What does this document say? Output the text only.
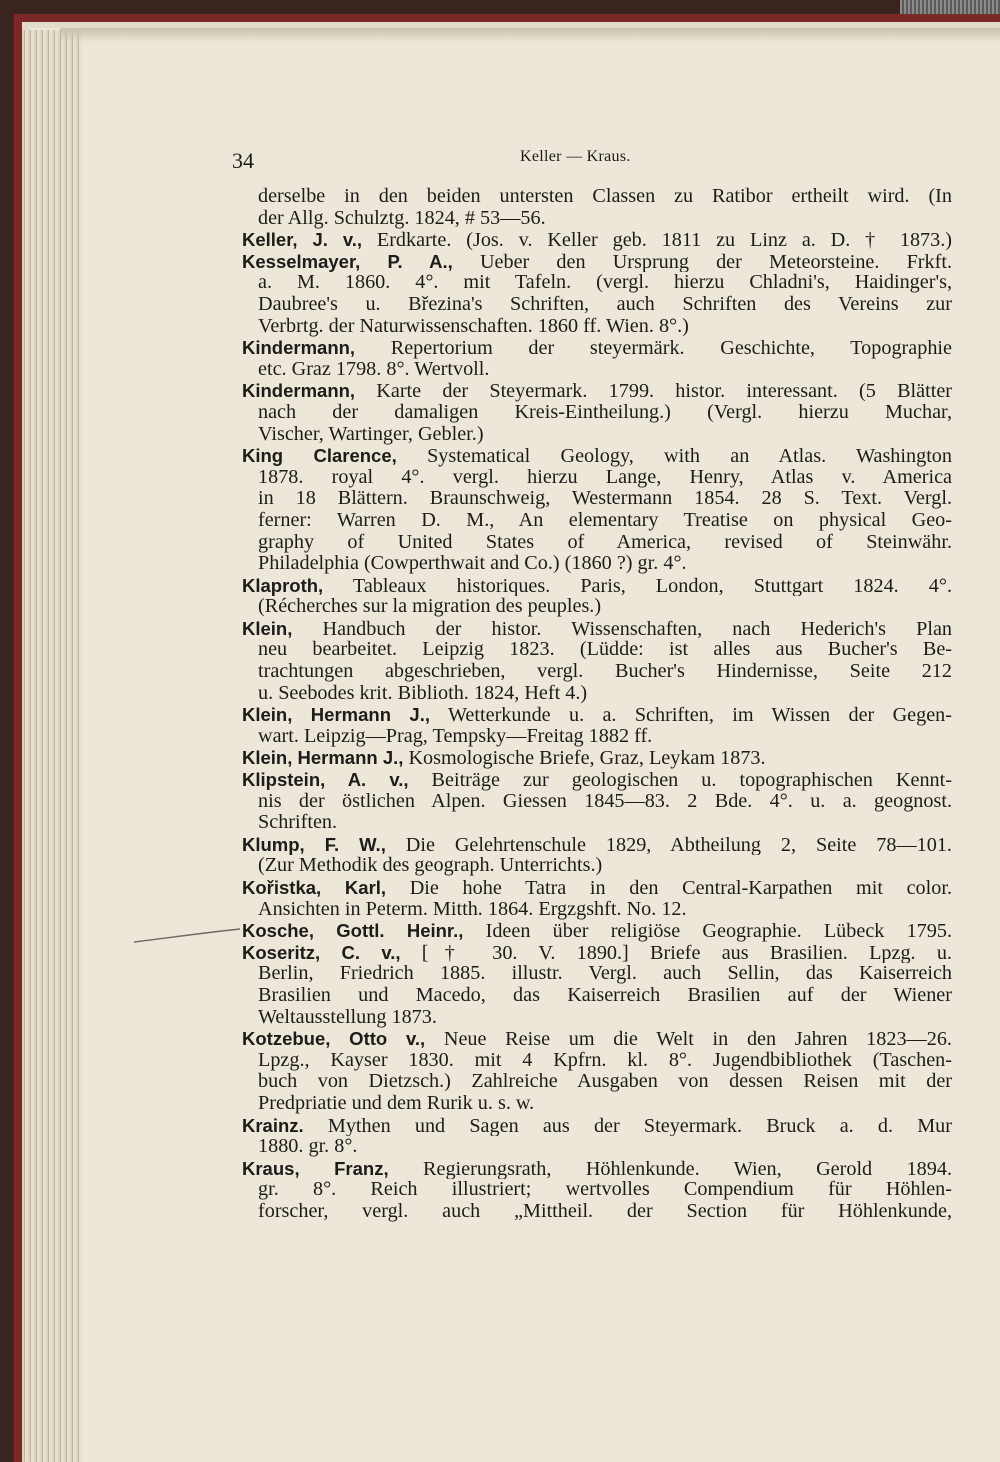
34	Keller — Kraus.
derselbe in den beiden untersten Classen zu Ratibor ertheilt wird. (In
der Allg. Schulztg. 1824, # 53—56.
Keller, J. v., Erdkarte. (Jos. v. Keller geb. 1811 zu Linz a. D. † 1873.)
Kesselmayer, P. A., Ueber den Ursprung der Meteorsteine. Frkft.
a. M. 1860. 4°. mit Tafeln. (vergl. hierzu Chladni's, Haidinger's,
Daubree's u. Březina's Schriften, auch Schriften des Vereins zur
Verbrtg. der Naturwissenschaften. 1860 ff. Wien. 8°.)
Kindermann, Repertorium der steyermärk. Geschichte, Topographie
etc. Graz 1798. 8°. Wertvoll.
Kindermann, Karte der Steyermark. 1799. histor. interessant. (5 Blätter
nach der damaligen Kreis-Eintheilung.) (Vergl. hierzu Muchar,
Vischer, Wartinger, Gebler.)
King Clarence, Systematical Geology, with an Atlas. Washington
1878. royal 4°. vergl. hierzu Lange, Henry, Atlas v. America
in 18 Blättern. Braunschweig, Westermann 1854. 28 S. Text. Vergl.
ferner: Warren D. M., An elementary Treatise on physical Geo-
graphy of United States of America, revised of Steinwähr.
Philadelphia (Cowperthwait and Co.) (1860 ?) gr. 4°.
Klaproth, Tableaux historiques. Paris, London, Stuttgart 1824. 4°.
(Récherches sur la migration des peuples.)
Klein, Handbuch der histor. Wissenschaften, nach Hederich's Plan
neu bearbeitet. Leipzig 1823. (Lüdde: ist alles aus Bucher's Be-
trachtungen abgeschrieben, vergl. Bucher's Hindernisse, Seite 212
u. Seebodes krit. Biblioth. 1824, Heft 4.)
Klein, Hermann J., Wetterkunde u. a. Schriften, im Wissen der Gegen-
wart. Leipzig—Prag, Tempsky—Freitag 1882 ff.
Klein, Hermann J., Kosmologische Briefe, Graz, Leykam 1873.
Klipstein, A. v., Beiträge zur geologischen u. topographischen Kennt-
nis der östlichen Alpen. Giessen 1845—83. 2 Bde. 4°. u. a. geognost.
Schriften.
Klump, F. W., Die Gelehrtenschule 1829, Abtheilung 2, Seite 78—101.
(Zur Methodik des geograph. Unterrichts.)
Kořistka, Karl, Die hohe Tatra in den Central-Karpathen mit color.
Ansichten in Peterm. Mitth. 1864. Ergzgshft. No. 12.
Kosche, Gottl. Heinr., Ideen über religiöse Geographie. Lübeck 1795.
Koseritz, C. v., [† 30. V. 1890.] Briefe aus Brasilien. Lpzg. u.
Berlin, Friedrich 1885. illustr. Vergl. auch Sellin, das Kaiserreich
Brasilien und Macedo, das Kaiserreich Brasilien auf der Wiener
Weltausstellung 1873.
Kotzebue, Otto v., Neue Reise um die Welt in den Jahren 1823—26.
Lpzg., Kayser 1830. mit 4 Kpfrn. kl. 8°. Jugendbibliothek (Taschen-
buch von Dietzsch.) Zahlreiche Ausgaben von dessen Reisen mit der
Predpriatie und dem Rurik u. s. w.
Krainz. Mythen und Sagen aus der Steyermark. Bruck a. d. Mur
1880. gr. 8°.
Kraus, Franz, Regierungsrath, Höhlenkunde. Wien, Gerold 1894.
gr. 8°. Reich illustriert; wertvolles Compendium für Höhlen-
forscher, vergl. auch „Mittheil. der Section für Höhlenkunde,
